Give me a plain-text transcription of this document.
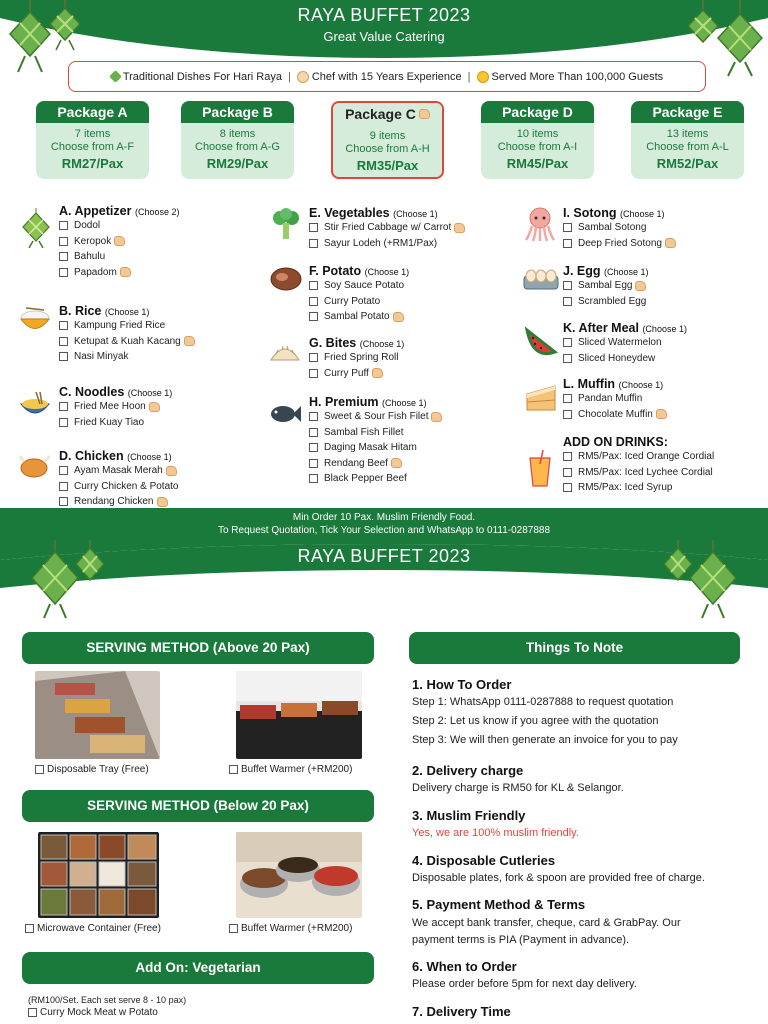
RAYA BUFFET 2023
Great Value Catering
Traditional Dishes For Hari Raya | Chef with 15 Years Experience | Served More Than 100,000 Guests
Package A
7 items
Choose from A-F
RM27/Pax
Package B
8 items
Choose from A-G
RM29/Pax
Package C
9 items
Choose from A-H
RM35/Pax
Package D
10 items
Choose from A-I
RM45/Pax
Package E
13 items
Choose from A-L
RM52/Pax
A. Appetizer (Choose 2)
Dodol
Keropok
Bahulu
Papadom
B. Rice (Choose 1)
Kampung Fried Rice
Ketupat & Kuah Kacang
Nasi Minyak
C. Noodles (Choose 1)
Fried Mee Hoon
Fried Kuay Tiao
D. Chicken (Choose 1)
Ayam Masak Merah
Curry Chicken & Potato
Rendang Chicken
E. Vegetables (Choose 1)
Stir Fried Cabbage w/ Carrot
Sayur Lodeh (+RM1/Pax)
F. Potato (Choose 1)
Soy Sauce Potato
Curry Potato
Sambal Potato
G. Bites (Choose 1)
Fried Spring Roll
Curry Puff
H. Premium (Choose 1)
Sweet & Sour Fish Filet
Sambal Fish Fillet
Daging Masak Hitam
Rendang Beef
Black Pepper Beef
I. Sotong (Choose 1)
Sambal Sotong
Deep Fried Sotong
J. Egg (Choose 1)
Sambal Egg
Scrambled Egg
K. After Meal (Choose 1)
Sliced Watermelon
Sliced Honeydew
L. Muffin (Choose 1)
Pandan Muffin
Chocolate Muffin
ADD ON DRINKS:
RM5/Pax: Iced Orange Cordial
RM5/Pax: Iced Lychee Cordial
RM5/Pax: Iced Syrup
Min Order 10 Pax. Muslim Friendly Food.
To Request Quotation, Tick Your Selection and WhatsApp to 0111-0287888
RAYA BUFFET 2023
Great Value Catering
SERVING METHOD (Above 20 Pax)
Disposable Tray (Free)	Buffet Warmer (+RM200)
SERVING METHOD (Below 20 Pax)
Microwave Container (Free)	Buffet Warmer (+RM200)
Add On: Vegetarian
(RM100/Set. Each set serve 8 - 10 pax)
Curry Mock Meat w Potato
Things To Note
1. How To Order
Step 1: WhatsApp 0111-0287888 to request quotation
Step 2: Let us know if you agree with the quotation
Step 3: We will then generate an invoice for you to pay
2. Delivery charge
Delivery charge is RM50 for KL & Selangor.
3. Muslim Friendly
Yes, we are 100% muslim friendly.
4. Disposable Cutleries
Disposable plates, fork & spoon are provided free of charge.
5. Payment Method & Terms
We accept bank transfer, cheque, card & GrabPay. Our
payment terms is PIA (Payment in advance).
6. When to Order
Please order before 5pm for next day delivery.
7. Delivery Time
